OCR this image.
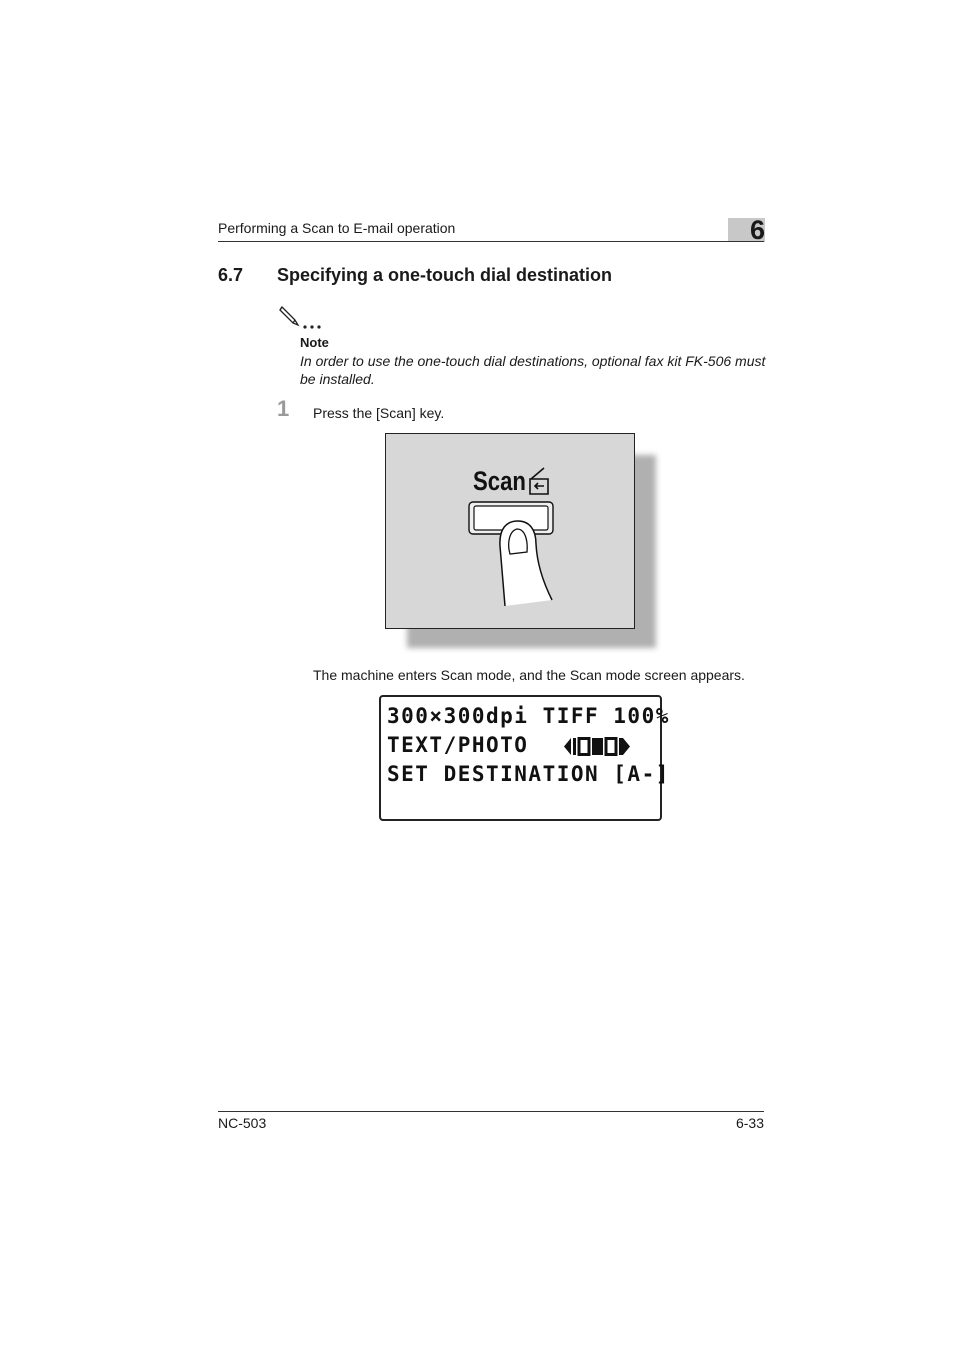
Performing a Scan to E-mail operation	6
6.7 Specifying a one-touch dial destination
Note
In order to use the one-touch dial destinations, optional fax kit FK-506 must be installed.
1 Press the [Scan] key.
Scan
The machine enters Scan mode, and the Scan mode screen appears.
300×300dpi TIFF 100%
TEXT/PHOTO
SET DESTINATION [A-]
NC-503	6-33
